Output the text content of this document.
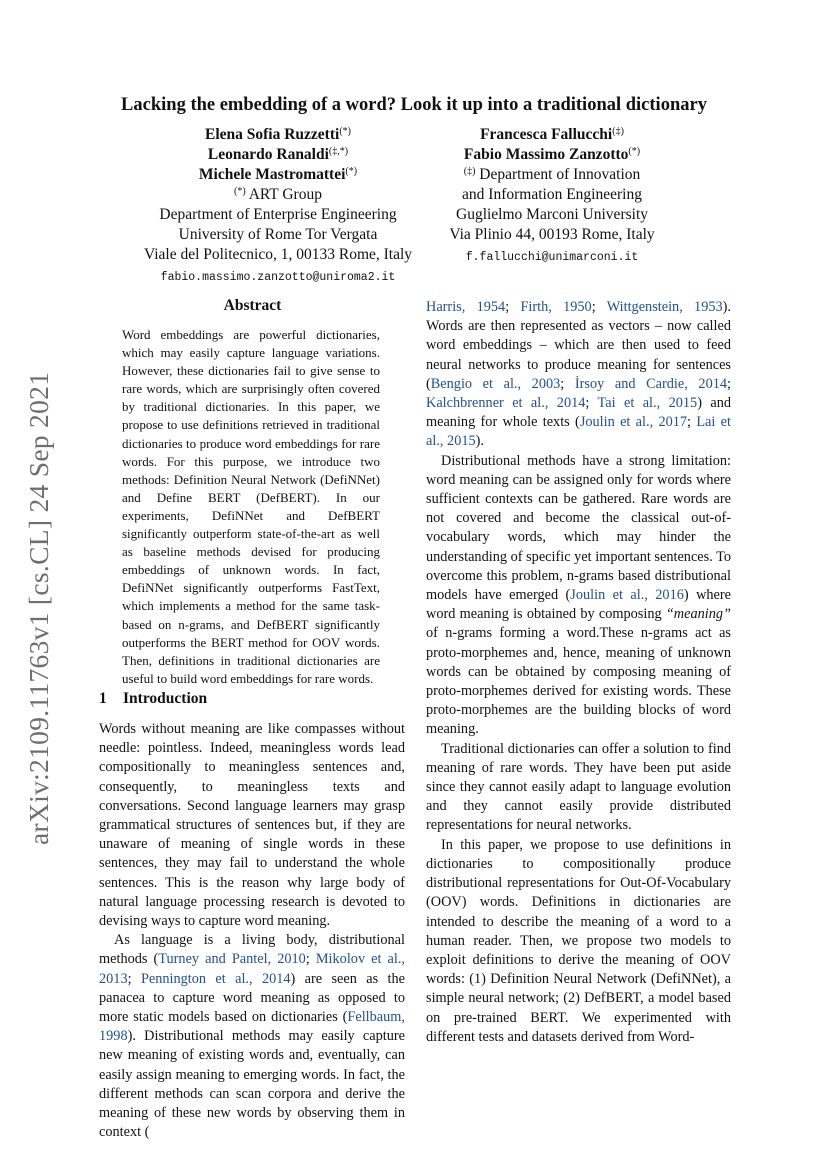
arXiv:2109.11763v1 [cs.CL] 24 Sep 2021
Lacking the embedding of a word? Look it up into a traditional dictionary
Elena Sofia Ruzzetti(*)
Leonardo Ranaldi(‡,*)
Michele Mastromattei(*)
(*) ART Group
Department of Enterprise Engineering
University of Rome Tor Vergata
Viale del Politecnico, 1, 00133 Rome, Italy
fabio.massimo.zanzotto@uniroma2.it
Francesca Fallucchi(‡)
Fabio Massimo Zanzotto(*)
(‡) Department of Innovation
and Information Engineering
Guglielmo Marconi University
Via Plinio 44, 00193 Rome, Italy
f.fallucchi@unimarconi.it
Abstract
Word embeddings are powerful dictionaries, which may easily capture language variations. However, these dictionaries fail to give sense to rare words, which are surprisingly often covered by traditional dictionaries. In this paper, we propose to use definitions retrieved in traditional dictionaries to produce word embeddings for rare words. For this purpose, we introduce two methods: Definition Neural Network (DefiNNet) and Define BERT (DefBERT). In our experiments, DefiNNet and DefBERT significantly outperform state-of-the-art as well as baseline methods devised for producing embeddings of unknown words. In fact, DefiNNet significantly outperforms FastText, which implements a method for the same task-based on n-grams, and DefBERT significantly outperforms the BERT method for OOV words. Then, definitions in traditional dictionaries are useful to build word embeddings for rare words.
1 Introduction

Words without meaning are like compasses without needle: pointless. Indeed, meaningless words lead compositionally to meaningless sentences and, consequently, to meaningless texts and conversations. Second language learners may grasp grammatical structures of sentences but, if they are unaware of meaning of single words in these sentences, they may fail to understand the whole sentences. This is the reason why large body of natural language processing research is devoted to devising ways to capture word meaning.

As language is a living body, distributional methods (Turney and Pantel, 2010; Mikolov et al., 2013; Pennington et al., 2014) are seen as the panacea to capture word meaning as opposed to more static models based on dictionaries (Fellbaum, 1998). Distributional methods may easily capture new meaning of existing words and, eventually, can easily assign meaning to emerging words. In fact, the different methods can scan corpora and derive the meaning of these new words by observing them in context (

Harris, 1954; Firth, 1950; Wittgenstein, 1953). Words are then represented as vectors – now called word embeddings – which are then used to feed neural networks to produce meaning for sentences (Bengio et al., 2003; İrsoy and Cardie, 2014; Kalchbrenner et al., 2014; Tai et al., 2015) and meaning for whole texts (Joulin et al., 2017; Lai et al., 2015).

Distributional methods have a strong limitation: word meaning can be assigned only for words where sufficient contexts can be gathered. Rare words are not covered and become the classical out-of-vocabulary words, which may hinder the understanding of specific yet important sentences. To overcome this problem, n-grams based distributional models have emerged (Joulin et al., 2016) where word meaning is obtained by composing “meaning” of n-grams forming a word.These n-grams act as proto-morphemes and, hence, meaning of unknown words can be obtained by composing meaning of proto-morphemes derived for existing words. These proto-morphemes are the building blocks of word meaning.

Traditional dictionaries can offer a solution to find meaning of rare words. They have been put aside since they cannot easily adapt to language evolution and they cannot easily provide distributed representations for neural networks.

In this paper, we propose to use definitions in dictionaries to compositionally produce distributional representations for Out-Of-Vocabulary (OOV) words. Definitions in dictionaries are intended to describe the meaning of a word to a human reader. Then, we propose two models to exploit definitions to derive the meaning of OOV words: (1) Definition Neural Network (DefiNNet), a simple neural network; (2) DefBERT, a model based on pre-trained BERT. We experimented with different tests and datasets derived from Word-
